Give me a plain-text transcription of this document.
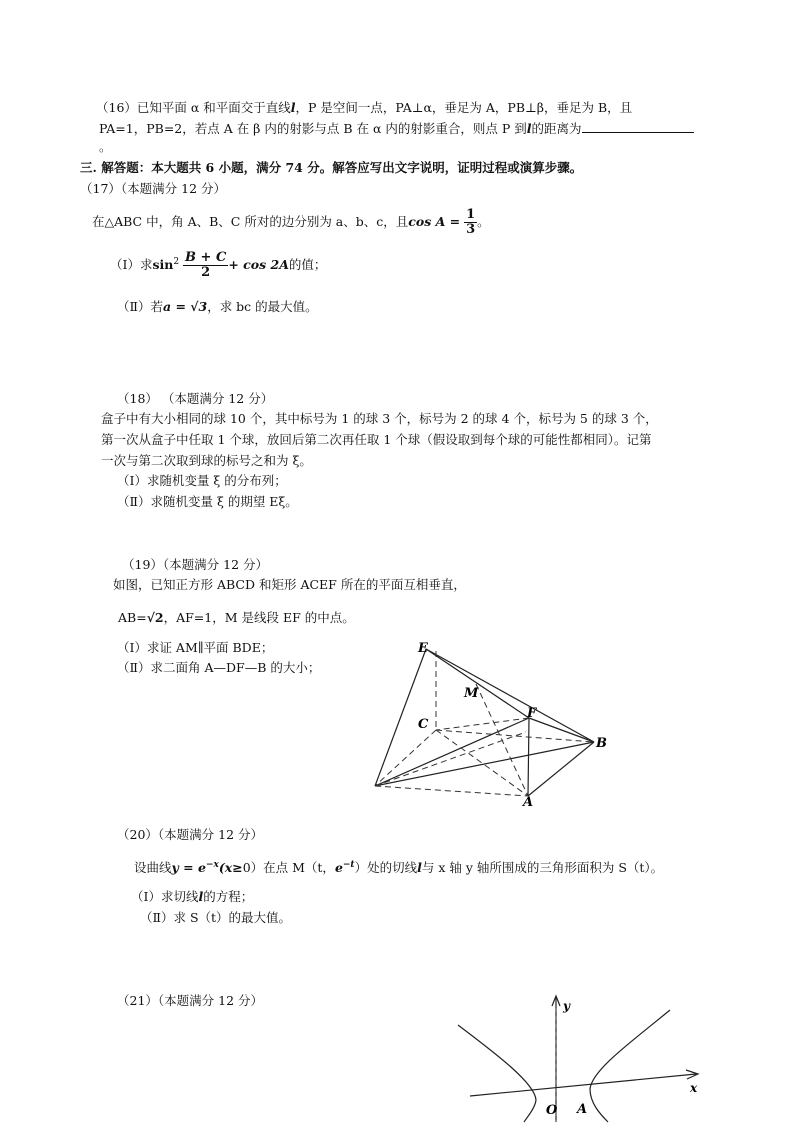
（16）已知平面 α 和平面交于直线l，P 是空间一点，PA⊥α，垂足为 A，PB⊥β，垂足为 B，且
PA=1，PB=2，若点 A 在 β 内的射影与点 B 在 α 内的射影重合，则点 P 到l的距离为
。
三. 解答题：本大题共 6 小题，满分 74 分。解答应写出文字说明，证明过程或演算步骤。
（17）（本题满分 12 分）
在△ABC 中，角 A、B、C 所对的边分别为 a、b、c，且$\cos A = \frac{1}{3}$ 。
（Ⅰ）求$\sin^2 \frac{B + C}{2} + \cos 2A$的值；
（Ⅱ）若a = √3，求 bc 的最大值。
（18） （本题满分 12 分）
盒子中有大小相同的球 10 个，其中标号为 1 的球 3 个，标号为 2 的球 4 个，标号为 5 的球 3 个，
第一次从盒子中任取 1 个球，放回后第二次再任取 1 个球（假设取到每个球的可能性都相同）。记第
一次与第二次取到球的标号之和为 ξ。
（Ⅰ）求随机变量 ξ 的分布列；
（Ⅱ）求随机变量 ξ 的期望 Eξ。
（19）（本题满分 12 分）
如图，已知正方形 ABCD 和矩形 ACEF 所在的平面互相垂直，
AB=√2，AF=1，M 是线段 EF 的中点。
（Ⅰ）求证 AM∥平面 BDE；
（Ⅱ）求二面角 A—DF—B 的大小；
E
M
C
F
B
A
（20）（本题满分 12 分）
设曲线$y = e^{-x}(x\ge 0)$在点 M（t，$e^{-t}$）处的切线l与 x 轴 y 轴所围成的三角形面积为 S（t）。
（Ⅰ）求切线l的方程；
（Ⅱ）求 S（t）的最大值。
（21）（本题满分 12 分）	y
x
O A
